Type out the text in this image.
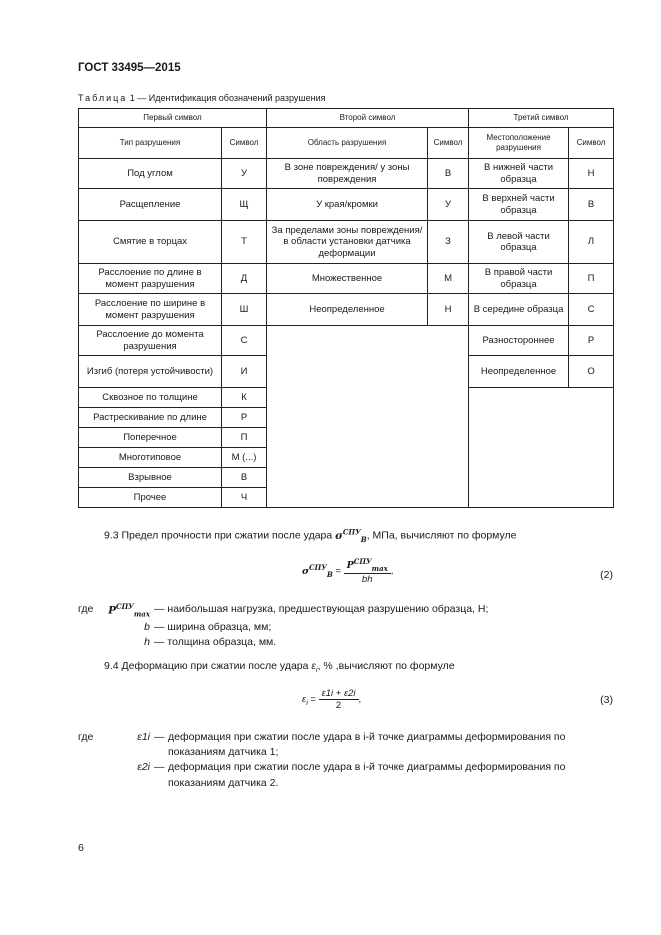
ГОСТ 33495—2015
Таблица 1 — Идентификация обозначений разрушения
Первый символ		Второй символ		Третий символ	
Тип разрушения	Символ	Область разрушения	Символ	Местоположение разрушения	Символ
Под углом	У	В зоне повреждения/ у зоны повреждения	В	В нижней части образца	Н
Расщепление	Щ	У края/кромки	У	В верхней части образца	В
Смятие в торцах	Т	За пределами зоны повреждения/в области установки датчика деформации	З	В левой части образца	Л
Расслоение по длине в момент разрушения	Д	Множественное	М	В правой части образца	П
Расслоение по ширине в момент разрушения	Ш	Неопределенное	Н	В середине образца	С
Расслоение до момента разрушения	С			Разностороннее	Р
Изгиб (потеря устойчивости)	И			Неопределенное	О
Сквозное по толщине	К				
Растрескивание по длине	Р				
Поперечное	П				
Многотиповое	М (...)				
Взрывное	В				
Прочее	Ч				
9.3 Предел прочности при сжатии после удара $\sigma^{СПУ}_В$, МПа, вычисляют по формуле
$\sigma^{СПУ}_В = \frac{P^{СПУ}_{max}}{bh}$ ,	(2)
где	$P^{СПУ}_{max}$ —
наибольшая нагрузка, предшествующая разрушению образца, Н;
b —
ширина образца, мм;
h —
толщина образца, мм.
9.4 Деформацию при сжатии после удара $\varepsilon_i$, % ,вычисляют по формуле
$\varepsilon_i = \frac{\varepsilon 1i + \varepsilon 2i}{2}$ ,	(3)
где	ε1i — деформация при сжатии после удара в i-й точке диаграммы деформирования по показаниям датчика 1;
ε2i — деформация при сжатии после удара в i-й точке диаграммы деформирования по показаниям датчика 2.
6
